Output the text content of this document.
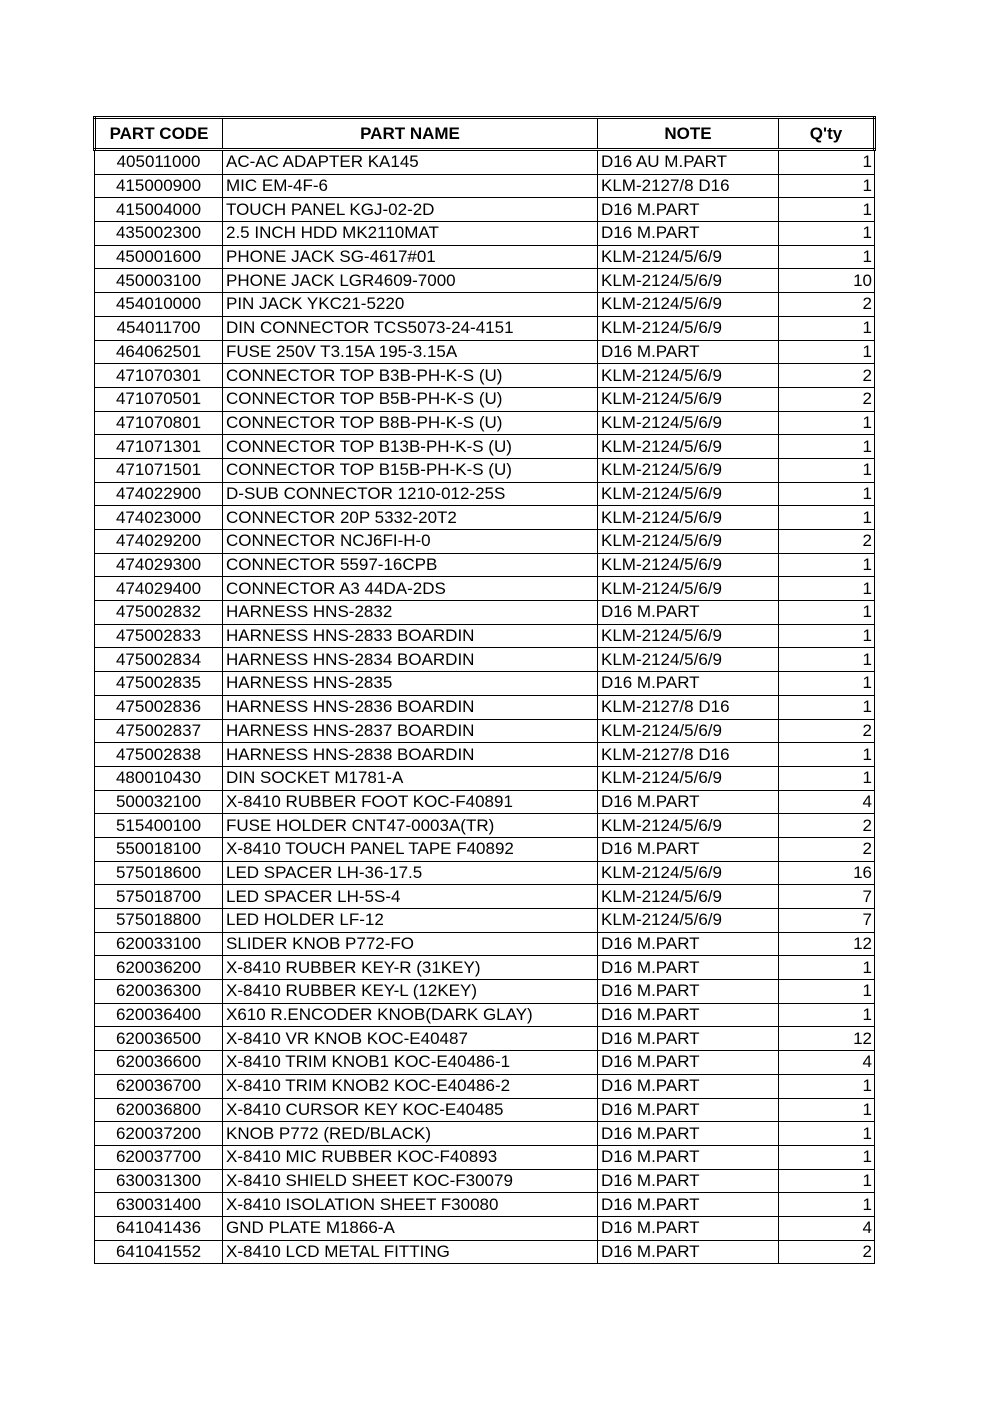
PART CODE	PART NAME	NOTE	Q'ty
405011000	AC-AC ADAPTER KA145	D16 AU M.PART	1
415000900	MIC EM-4F-6	KLM-2127/8 D16	1
415004000	TOUCH PANEL KGJ-02-2D	D16 M.PART	1
435002300	2.5 INCH HDD MK2110MAT	D16 M.PART	1
450001600	PHONE JACK SG-4617#01	KLM-2124/5/6/9	1
450003100	PHONE JACK LGR4609-7000	KLM-2124/5/6/9	10
454010000	PIN JACK YKC21-5220	KLM-2124/5/6/9	2
454011700	DIN CONNECTOR TCS5073-24-4151	KLM-2124/5/6/9	1
464062501	FUSE 250V T3.15A 195-3.15A	D16 M.PART	1
471070301	CONNECTOR TOP B3B-PH-K-S (U)	KLM-2124/5/6/9	2
471070501	CONNECTOR TOP B5B-PH-K-S (U)	KLM-2124/5/6/9	2
471070801	CONNECTOR TOP B8B-PH-K-S (U)	KLM-2124/5/6/9	1
471071301	CONNECTOR TOP B13B-PH-K-S (U)	KLM-2124/5/6/9	1
471071501	CONNECTOR TOP B15B-PH-K-S (U)	KLM-2124/5/6/9	1
474022900	D-SUB CONNECTOR 1210-012-25S	KLM-2124/5/6/9	1
474023000	CONNECTOR 20P 5332-20T2	KLM-2124/5/6/9	1
474029200	CONNECTOR NCJ6FI-H-0	KLM-2124/5/6/9	2
474029300	CONNECTOR 5597-16CPB	KLM-2124/5/6/9	1
474029400	CONNECTOR A3 44DA-2DS	KLM-2124/5/6/9	1
475002832	HARNESS HNS-2832	D16 M.PART	1
475002833	HARNESS HNS-2833 BOARDIN	KLM-2124/5/6/9	1
475002834	HARNESS HNS-2834 BOARDIN	KLM-2124/5/6/9	1
475002835	HARNESS HNS-2835	D16 M.PART	1
475002836	HARNESS HNS-2836 BOARDIN	KLM-2127/8 D16	1
475002837	HARNESS HNS-2837 BOARDIN	KLM-2124/5/6/9	2
475002838	HARNESS HNS-2838 BOARDIN	KLM-2127/8 D16	1
480010430	DIN SOCKET M1781-A	KLM-2124/5/6/9	1
500032100	X-8410 RUBBER FOOT KOC-F40891	D16 M.PART	4
515400100	FUSE HOLDER CNT47-0003A(TR)	KLM-2124/5/6/9	2
550018100	X-8410 TOUCH PANEL TAPE F40892	D16 M.PART	2
575018600	LED SPACER LH-36-17.5	KLM-2124/5/6/9	16
575018700	LED SPACER LH-5S-4	KLM-2124/5/6/9	7
575018800	LED HOLDER LF-12	KLM-2124/5/6/9	7
620033100	SLIDER KNOB P772-FO	D16 M.PART	12
620036200	X-8410 RUBBER KEY-R (31KEY)	D16 M.PART	1
620036300	X-8410 RUBBER KEY-L (12KEY)	D16 M.PART	1
620036400	X610 R.ENCODER KNOB(DARK GLAY)	D16 M.PART	1
620036500	X-8410 VR KNOB KOC-E40487	D16 M.PART	12
620036600	X-8410 TRIM KNOB1 KOC-E40486-1	D16 M.PART	4
620036700	X-8410 TRIM KNOB2 KOC-E40486-2	D16 M.PART	1
620036800	X-8410 CURSOR KEY KOC-E40485	D16 M.PART	1
620037200	KNOB P772 (RED/BLACK)	D16 M.PART	1
620037700	X-8410 MIC RUBBER KOC-F40893	D16 M.PART	1
630031300	X-8410 SHIELD SHEET KOC-F30079	D16 M.PART	1
630031400	X-8410 ISOLATION SHEET F30080	D16 M.PART	1
641041436	GND PLATE M1866-A	D16 M.PART	4
641041552	X-8410 LCD METAL FITTING	D16 M.PART	2
